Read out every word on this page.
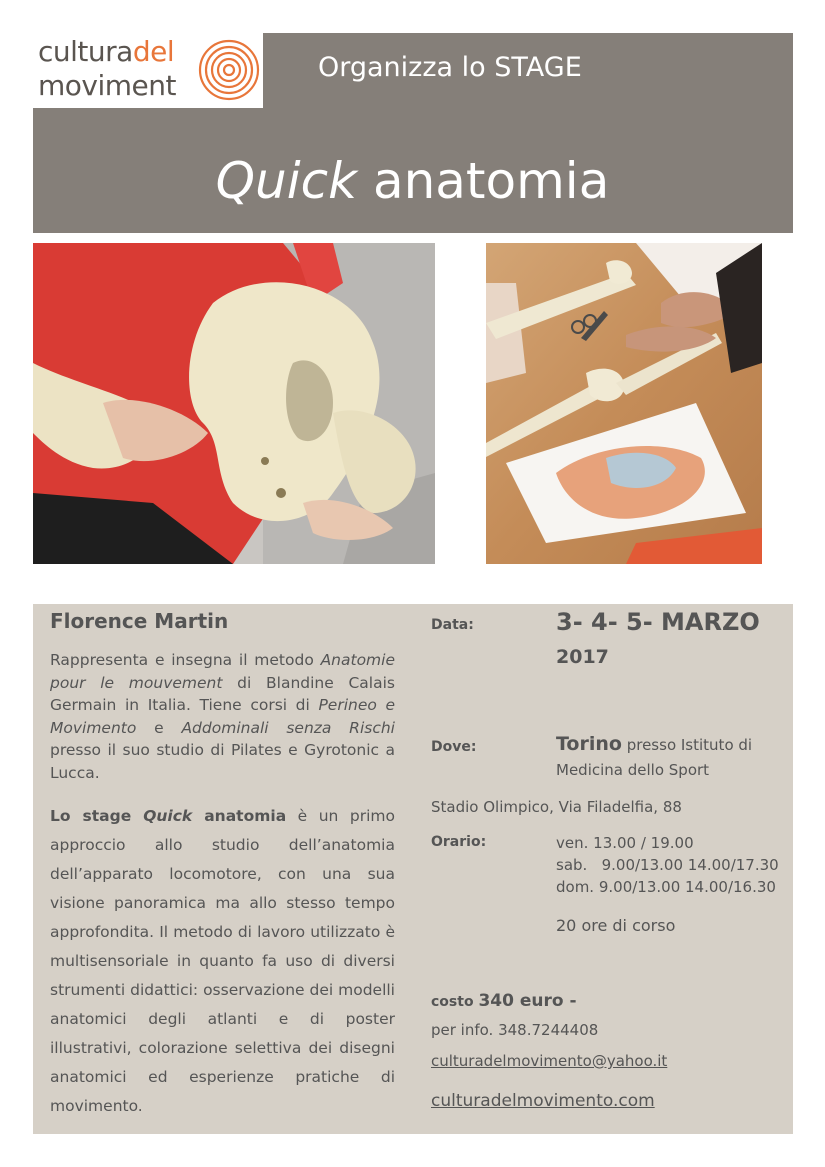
culturadel
moviment
Organizza lo STAGE
Quick anatomia
Florence Martin

Rappresenta e insegna il metodo Anatomie pour le mouvement di Blandine Calais Germain in Italia. Tiene corsi di Perineo e Movimento e Addominali senza Rischi presso il suo studio di Pilates e Gyrotonic a Lucca.

Lo stage Quick anatomia è un primo approccio allo studio dell’anatomia dell’apparato locomotore, con una sua visione panoramica ma allo stesso tempo approfondita. Il metodo di lavoro utilizzato è multisensoriale in quanto fa uso di diversi strumenti didattici: osservazione dei modelli anatomici degli atlanti e di poster illustrativi, colorazione selettiva dei disegni anatomici ed esperienze pratiche di movimento.

Data:	3- 4- 5- MARZO
2017
Dove:	Torino presso Istituto di
Medicina dello Sport
Stadio Olimpico, Via Filadelfia, 88
Orario:	ven. 13.00 / 19.00
sab.   9.00/13.00 14.00/17.30
dom. 9.00/13.00 14.00/16.30
20 ore di corso
costo 340 euro -
per info. 348.7244408
culturadelmovimento@yahoo.it
culturadelmovimento.com
